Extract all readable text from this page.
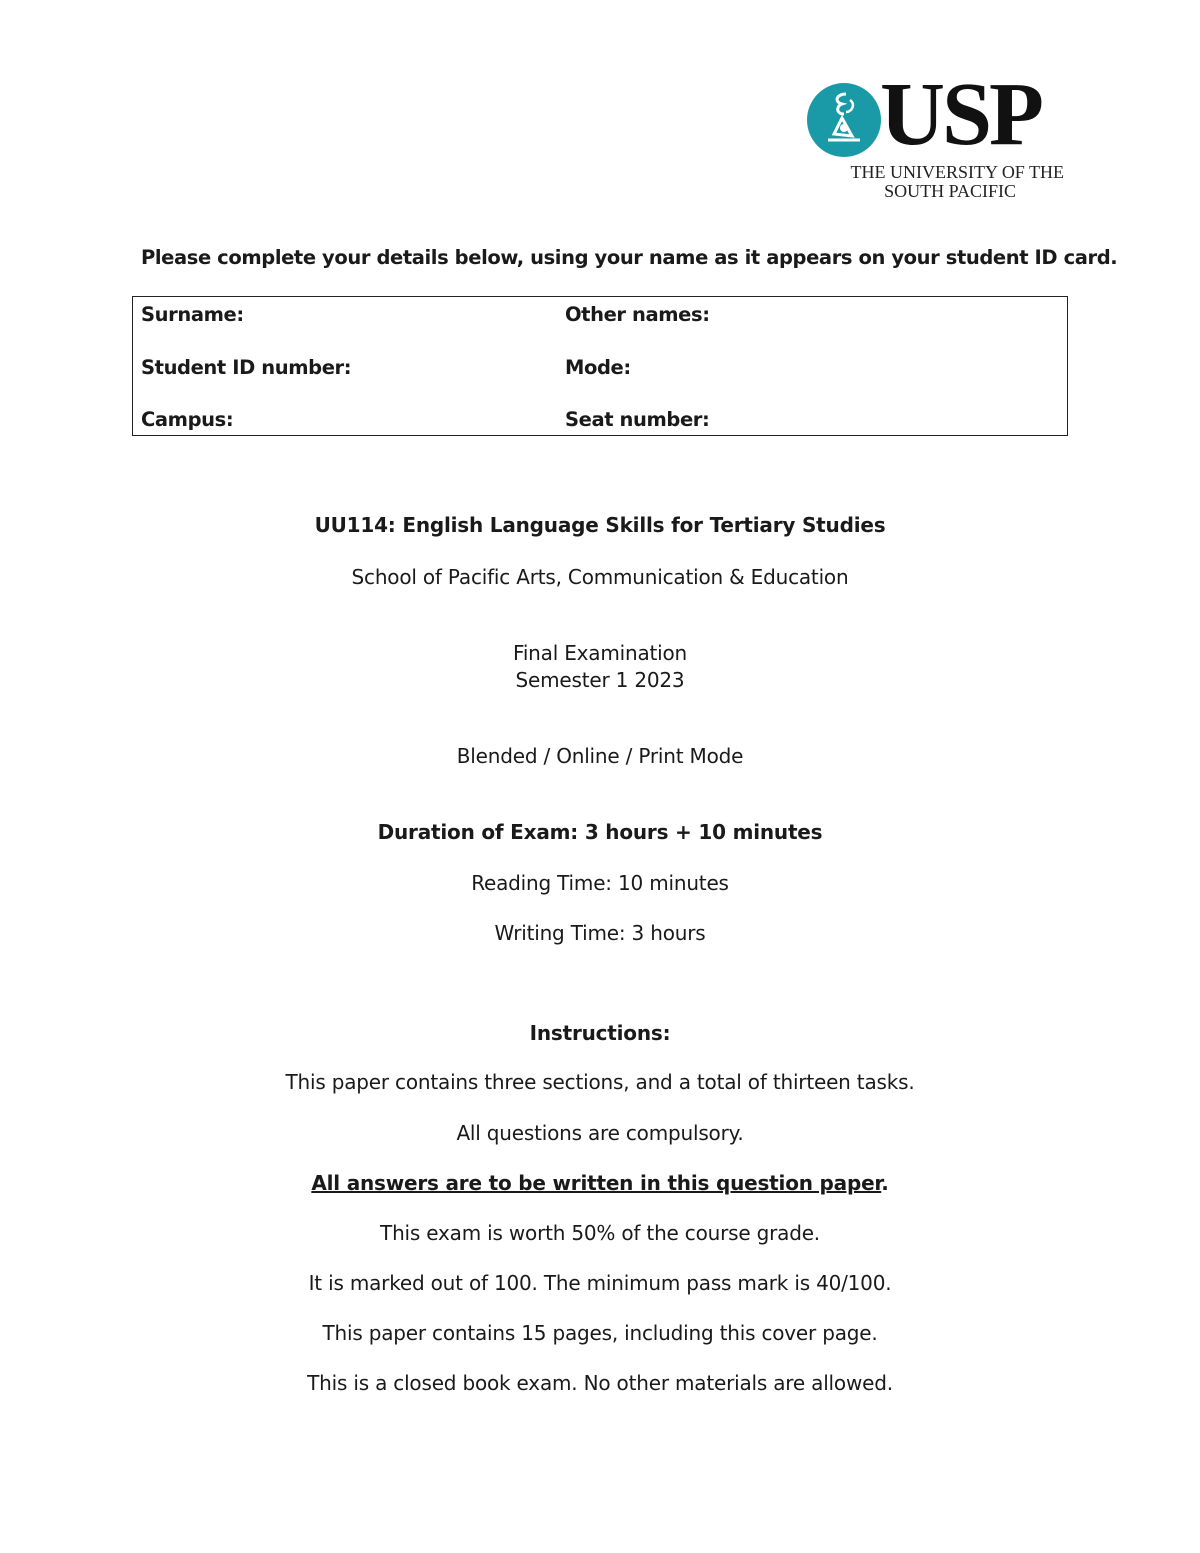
USP
THE UNIVERSITY OF THE
SOUTH PACIFIC
Please complete your details below, using your name as it appears on your student ID card.
Surname:	Other names:
Student ID number:	Mode:
Campus:	Seat number:
UU114: English Language Skills for Tertiary Studies
School of Pacific Arts, Communication & Education
Final Examination
Semester 1 2023
Blended / Online / Print Mode
Duration of Exam: 3 hours + 10 minutes
Reading Time: 10 minutes
Writing Time: 3 hours
Instructions:
This paper contains three sections, and a total of thirteen tasks.
All questions are compulsory.
All answers are to be written in this question paper.
This exam is worth 50% of the course grade.
It is marked out of 100. The minimum pass mark is 40/100.
This paper contains 15 pages, including this cover page.
This is a closed book exam. No other materials are allowed.
